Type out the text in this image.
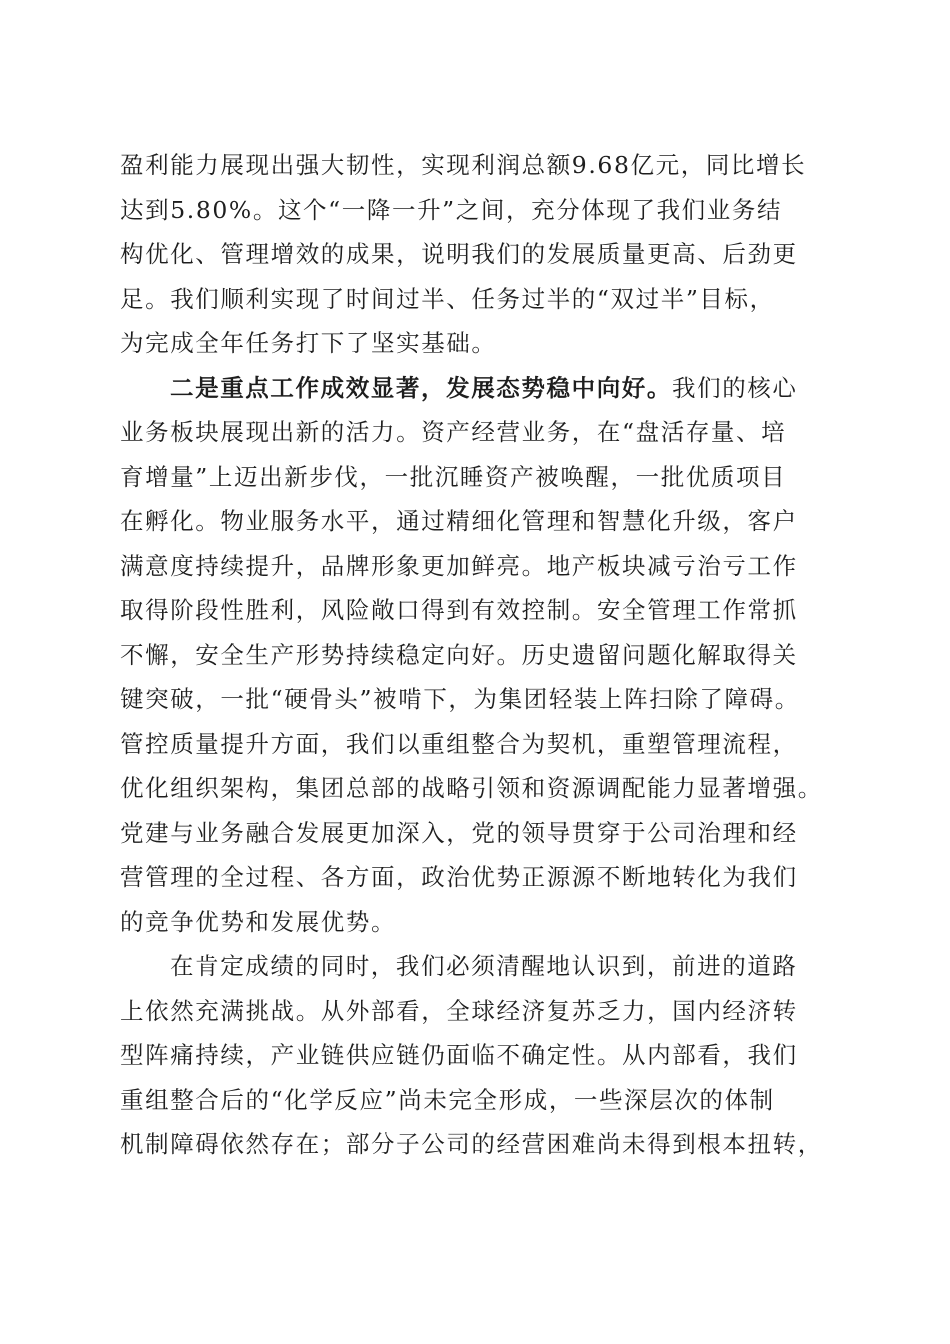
盈利能力展现出强大韧性，实现利润总额9.68亿元，同比增长
达到5.80%。这个“一降一升”之间，充分体现了我们业务结
构优化、管理增效的成果，说明我们的发展质量更高、后劲更
足。我们顺利实现了时间过半、任务过半的“双过半”目标，
为完成全年任务打下了坚实基础。
二是重点工作成效显著，发展态势稳中向好。我们的核心
业务板块展现出新的活力。资产经营业务，在“盘活存量、培
育增量”上迈出新步伐，一批沉睡资产被唤醒，一批优质项目
在孵化。物业服务水平，通过精细化管理和智慧化升级，客户
满意度持续提升，品牌形象更加鲜亮。地产板块减亏治亏工作
取得阶段性胜利，风险敞口得到有效控制。安全管理工作常抓
不懈，安全生产形势持续稳定向好。历史遗留问题化解取得关
键突破，一批“硬骨头”被啃下，为集团轻装上阵扫除了障碍。
管控质量提升方面，我们以重组整合为契机，重塑管理流程，
优化组织架构，集团总部的战略引领和资源调配能力显著增强。
党建与业务融合发展更加深入，党的领导贯穿于公司治理和经
营管理的全过程、各方面，政治优势正源源不断地转化为我们
的竞争优势和发展优势。
在肯定成绩的同时，我们必须清醒地认识到，前进的道路
上依然充满挑战。从外部看，全球经济复苏乏力，国内经济转
型阵痛持续，产业链供应链仍面临不确定性。从内部看，我们
重组整合后的“化学反应”尚未完全形成，一些深层次的体制
机制障碍依然存在；部分子公司的经营困难尚未得到根本扭转，
